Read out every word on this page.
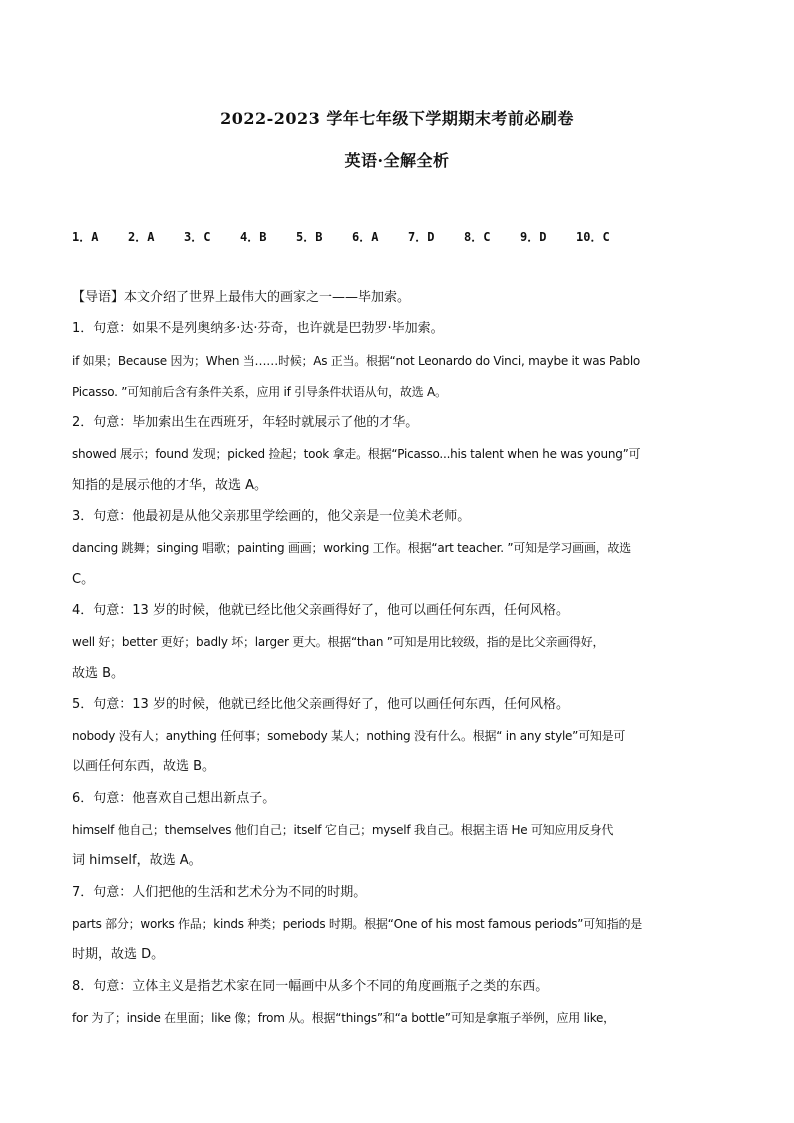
2022-2023 学年七年级下学期期末考前必刷卷
英语·全解全析
1．A	2．A	3．C	4．B	5．B	6．A	7．D	8．C	9．D	10．C
【导语】本文介绍了世界上最伟大的画家之一——毕加索。
1．句意：如果不是列奥纳多·达·芬奇，也许就是巴勃罗·毕加索。
if 如果；Because 因为；When 当……时候；As 正当。根据“not Leonardo do Vinci, maybe it was Pablo
Picasso. ”可知前后含有条件关系，应用 if 引导条件状语从句，故选 A。
2．句意：毕加索出生在西班牙，年轻时就展示了他的才华。
showed 展示；found 发现；picked 捡起；took 拿走。根据“Picasso...his talent when he was young”可
知指的是展示他的才华，故选 A。
3．句意：他最初是从他父亲那里学绘画的，他父亲是一位美术老师。
dancing 跳舞；singing 唱歌；painting 画画；working 工作。根据“art teacher. ”可知是学习画画，故选
C。
4．句意：13 岁的时候，他就已经比他父亲画得好了，他可以画任何东西，任何风格。
well 好；better 更好；badly 坏；larger 更大。根据“than ”可知是用比较级，指的是比父亲画得好，
故选 B。
5．句意：13 岁的时候，他就已经比他父亲画得好了，他可以画任何东西，任何风格。
nobody 没有人；anything 任何事；somebody 某人；nothing 没有什么。根据“ in any style”可知是可
以画任何东西，故选 B。
6．句意：他喜欢自己想出新点子。
himself 他自己；themselves 他们自己；itself 它自己；myself 我自己。根据主语 He 可知应用反身代
词 himself，故选 A。
7．句意：人们把他的生活和艺术分为不同的时期。
parts 部分；works 作品；kinds 种类；periods 时期。根据“One of his most famous periods”可知指的是
时期，故选 D。
8．句意：立体主义是指艺术家在同一幅画中从多个不同的角度画瓶子之类的东西。
for 为了；inside 在里面；like 像；from 从。根据“things”和“a bottle”可知是拿瓶子举例，应用 like，
